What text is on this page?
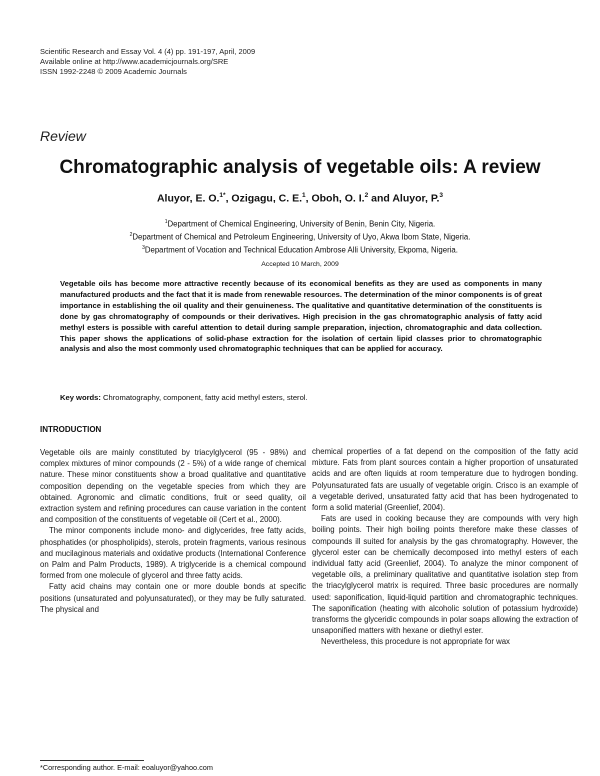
Scientific Research and Essay Vol. 4 (4) pp. 191-197, April, 2009
Available online at http://www.academicjournals.org/SRE
ISSN 1992-2248 © 2009 Academic Journals
Review
Chromatographic analysis of vegetable oils: A review
Aluyor, E. O.$^{1*}$, Ozigagu, C. E.$^1$, Oboh, O. I.$^2$ and Aluyor, P.$^3$
$^1$Department of Chemical Engineering, University of Benin, Benin City, Nigeria.
$^2$Department of Chemical and Petroleum Engineering, University of Uyo, Akwa Ibom State, Nigeria.
$^3$Department of Vocation and Technical Education Ambrose Alli University, Ekpoma, Nigeria.
Accepted 10 March, 2009
Vegetable oils has become more attractive recently because of its economical benefits as they are used as components in many manufactured products and the fact that it is made from renewable resources. The determination of the minor components is of great importance in establishing the oil quality and their genuineness. The qualitative and quantitative determination of the constituents is done by gas chromatography of compounds or their derivatives. High precision in the gas chromatographic analysis of fatty acid methyl esters is possible with careful attention to detail during sample preparation, injection, chromatographic and data collection. This paper shows the applications of solid-phase extraction for the isolation of certain lipid classes prior to chromatographic analysis and also the most commonly used chromatographic techniques that can be applied for accuracy.
Key words: Chromatography, component, fatty acid methyl esters, sterol.
INTRODUCTION

Vegetable oils are mainly constituted by triacylglycerol (95 - 98%) and complex mixtures of minor compounds (2 - 5%) of a wide range of chemical nature. These minor constituents show a broad qualitative and quantitative composition depending on the vegetable species from which they are obtained. Agronomic and climatic conditions, fruit or seed quality, oil extraction system and refining procedures can cause variation in the content and composition of the constituents of vegetable oil (Cert et al., 2000).

The minor components include mono- and diglycerides, free fatty acids, phosphatides (or phospholipids), sterols, protein fragments, various resinous and mucilaginous materials and oxidative products (International Conference on Palm and Palm Products, 1989). A triglyceride is a chemical compound formed from one molecule of glycerol and three fatty acids.

Fatty acid chains may contain one or more double bonds at specific positions (unsaturated and polyunsaturated), or they may be fully saturated. The physical and

chemical properties of a fat depend on the composition of the fatty acid mixture. Fats from plant sources contain a higher proportion of unsaturated acids and are often liquids at room temperature due to hydrogen bonding. Polyunsaturated fats are usually of vegetable origin. Crisco is an example of a vegetable derived, unsaturated fatty acid that has been hydrogenated to form a solid material (Greenlief, 2004).

Fats are used in cooking because they are compounds with very high boiling points. Their high boiling points therefore make these classes of compounds ill suited for analysis by the gas chromatography. However, the glycerol ester can be chemically decomposed into methyl esters of each individual fatty acid (Greenlief, 2004). To analyze the minor component of vegetable oils, a preliminary qualitative and quantitative isolation step from the triacylglycerol matrix is required. Three basic procedures are normally used: saponification, liquid-liquid partition and chromatographic techniques. The saponification (heating with alcoholic solution of potassium hydroxide) transforms the glyceridic compounds in polar soaps allowing the extraction of unsaponified matters with hexane or diethyl ester.

Nevertheless, this procedure is not appropriate for wax

*Corresponding author. E-mail: eoaluyor@yahoo.com
